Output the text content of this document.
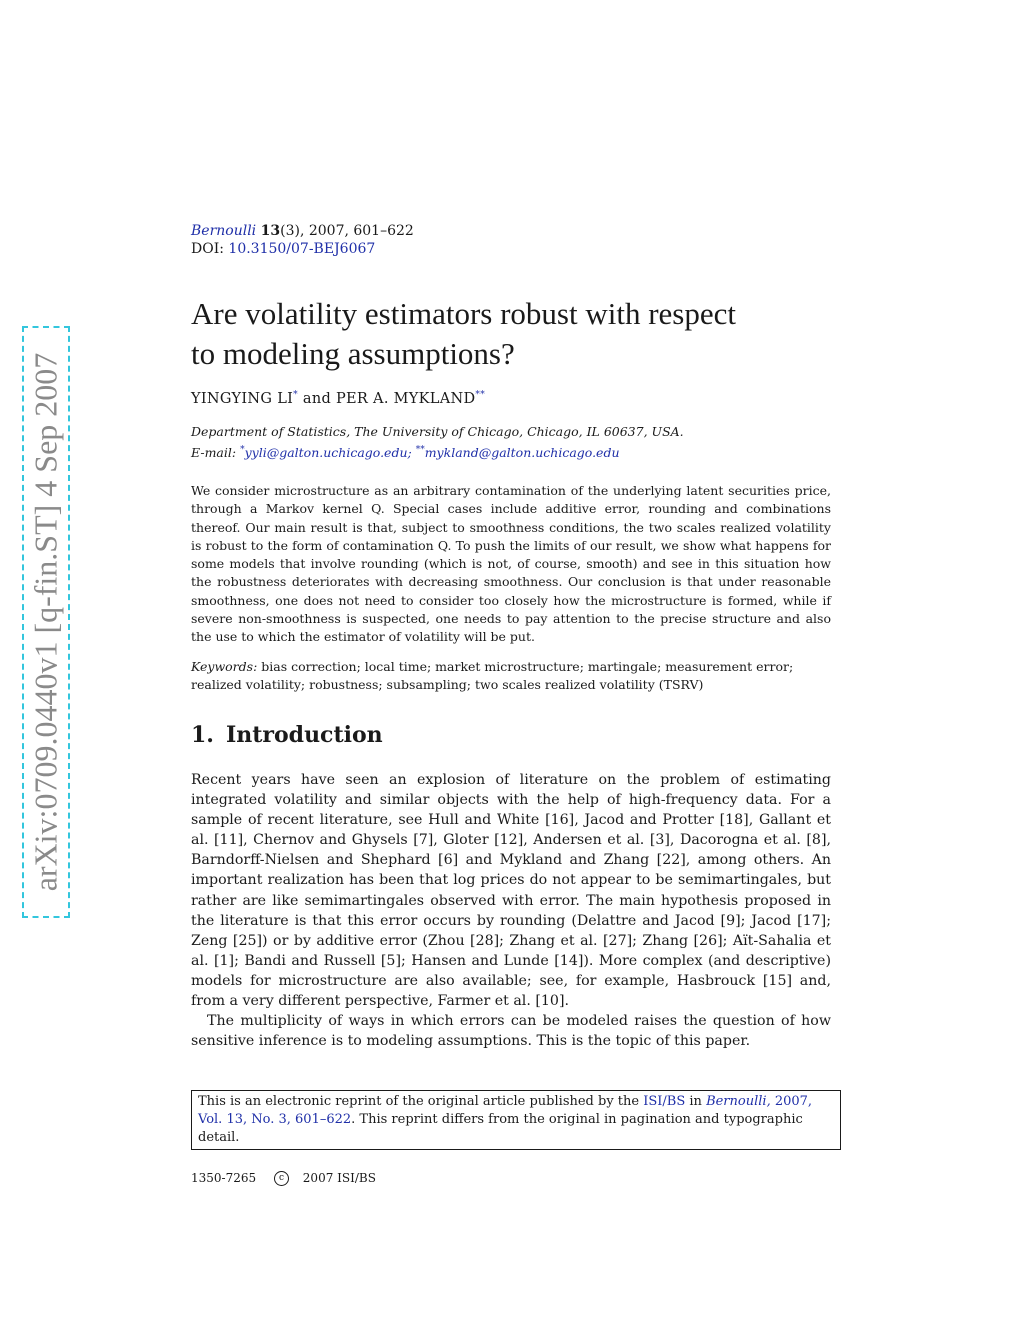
arXiv:0709.0440v1 [q-fin.ST] 4 Sep 2007
Bernoulli 13(3), 2007, 601–622
DOI: 10.3150/07-BEJ6067
Are volatility estimators robust with respect
to modeling assumptions?
YINGYING LI* and PER A. MYKLAND**
Department of Statistics, The University of Chicago, Chicago, IL 60637, USA.
E-mail: *yyli@galton.uchicago.edu; **mykland@galton.uchicago.edu

We consider microstructure as an arbitrary contamination of the underlying latent securities price, through a Markov kernel Q. Special cases include additive error, rounding and combinations thereof. Our main result is that, subject to smoothness conditions, the two scales realized volatility is robust to the form of contamination Q. To push the limits of our result, we show what happens for some models that involve rounding (which is not, of course, smooth) and see in this situation how the robustness deteriorates with decreasing smoothness. Our conclusion is that under reasonable smoothness, one does not need to consider too closely how the microstructure is formed, while if severe non-smoothness is suspected, one needs to pay attention to the precise structure and also the use to which the estimator of volatility will be put.

Keywords: bias correction; local time; market microstructure; martingale; measurement error; realized volatility; robustness; subsampling; two scales realized volatility (TSRV)

1. Introduction

Recent years have seen an explosion of literature on the problem of estimating integrated volatility and similar objects with the help of high-frequency data. For a sample of recent literature, see Hull and White [16], Jacod and Protter [18], Gallant et al. [11], Chernov and Ghysels [7], Gloter [12], Andersen et al. [3], Dacorogna et al. [8], Barndorff-Nielsen and Shephard [6] and Mykland and Zhang [22], among others. An important realization has been that log prices do not appear to be semimartingales, but rather are like semimartingales observed with error. The main hypothesis proposed in the literature is that this error occurs by rounding (Delattre and Jacod [9]; Jacod [17]; Zeng [25]) or by additive error (Zhou [28]; Zhang et al. [27]; Zhang [26]; Aït-Sahalia et al. [1]; Bandi and Russell [5]; Hansen and Lunde [14]). More complex (and descriptive) models for microstructure are also available; see, for example, Hasbrouck [15] and, from a very different perspective, Farmer et al. [10].

The multiplicity of ways in which errors can be modeled raises the question of how sensitive inference is to modeling assumptions. This is the topic of this paper.

This is an electronic reprint of the original article published by the ISI/BS in Bernoulli, 2007, Vol. 13, No. 3, 601–622. This reprint differs from the original in pagination and typographic detail.
1350-7265	c 2007 ISI/BS
